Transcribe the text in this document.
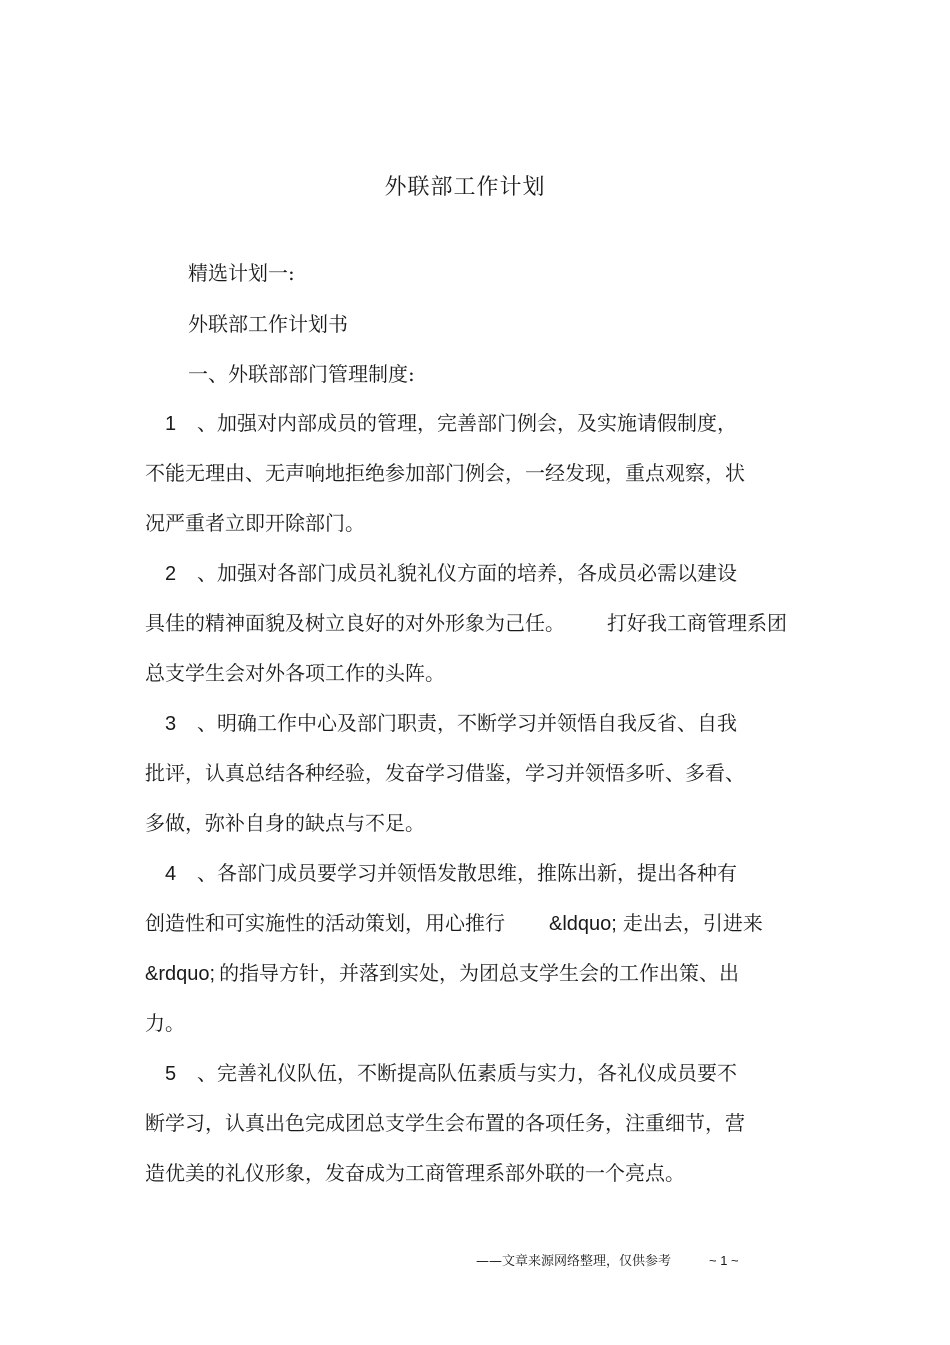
外联部工作计划
精选计划一:
外联部工作计划书
一、外联部部门管理制度:
1 、加强对内部成员的管理，完善部门例会，及实施请假制度，
不能无理由、无声响地拒绝参加部门例会，一经发现，重点观察，状
况严重者立即开除部门。
2 、加强对各部门成员礼貌礼仪方面的培养，各成员必需以建设
具佳的精神面貌及树立良好的对外形象为己任。 打好我工商管理系团
总支学生会对外各项工作的头阵。
3 、明确工作中心及部门职责，不断学习并领悟自我反省、自我
批评，认真总结各种经验，发奋学习借鉴，学习并领悟多听、多看、
多做，弥补自身的缺点与不足。
4 、各部门成员要学习并领悟发散思维，推陈出新，提出各种有
创造性和可实施性的活动策划，用心推行 &ldquo; 走出去，引进来
&rdquo; 的指导方针，并落到实处，为团总支学生会的工作出策、出
力。
5 、完善礼仪队伍，不断提高队伍素质与实力，各礼仪成员要不
断学习，认真出色完成团总支学生会布置的各项任务，注重细节，营
造优美的礼仪形象，发奋成为工商管理系部外联的一个亮点。
——文章来源网络整理，仅供参考	~ 1 ~
